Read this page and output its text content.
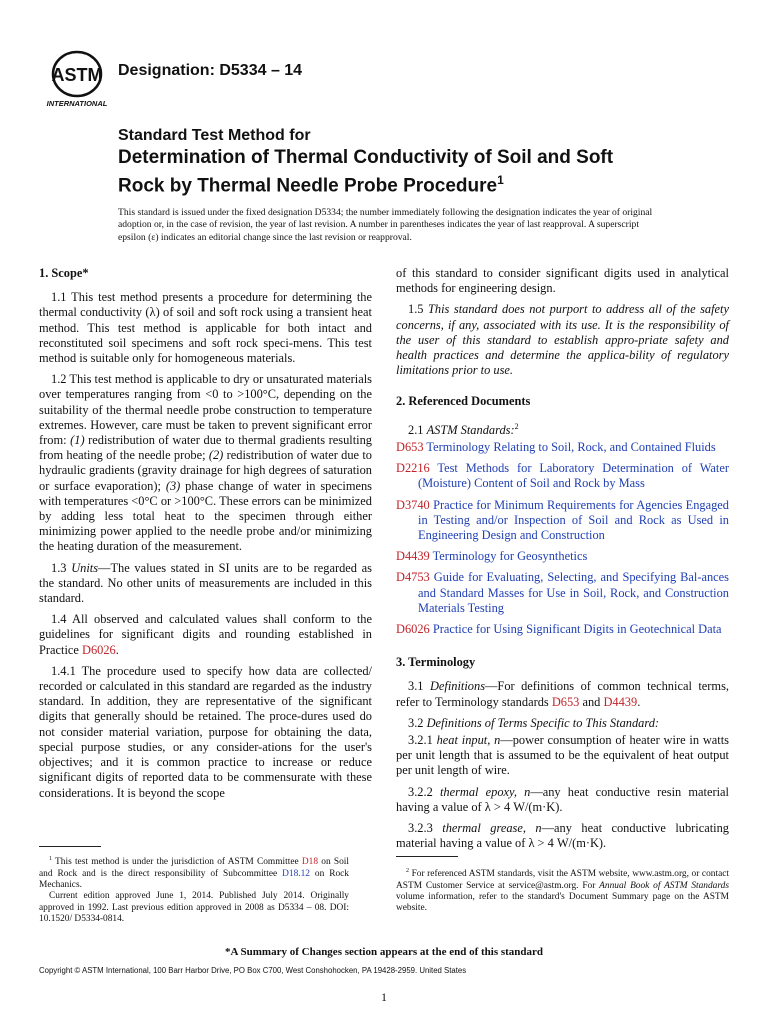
ASTM
INTERNATIONAL
Designation: D5334 – 14
Standard Test Method for
Determination of Thermal Conductivity of Soil and Soft
Rock by Thermal Needle Probe Procedure$^1$
This standard is issued under the fixed designation D5334; the number immediately following the designation indicates the year of original adoption or, in the case of revision, the year of last revision. A number in parentheses indicates the year of last reapproval. A superscript epsilon (ε) indicates an editorial change since the last revision or reapproval.
1. Scope*

1.1 This test method presents a procedure for determining the thermal conductivity (λ) of soil and soft rock using a transient heat method. This test method is applicable for both intact and reconstituted soil specimens and soft rock speci-mens. This test method is suitable only for homogeneous materials.

1.2 This test method is applicable to dry or unsaturated materials over temperatures ranging from <0 to >100°C, depending on the suitability of the thermal needle probe construction to temperature extremes. However, care must be taken to prevent significant error from: (1) redistribution of water due to thermal gradients resulting from heating of the needle probe; (2) redistribution of water due to hydraulic gradients (gravity drainage for high degrees of saturation or surface evaporation); (3) phase change of water in specimens with temperatures <0°C or >100°C. These errors can be minimized by adding less total heat to the specimen through either minimizing power applied to the needle probe and/or minimizing the heating duration of the measurement.

1.3 Units—The values stated in SI units are to be regarded as the standard. No other units of measurements are included in this standard.

1.4 All observed and calculated values shall conform to the guidelines for significant digits and rounding established in Practice D6026.

1.4.1 The procedure used to specify how data are collected/ recorded or calculated in this standard are regarded as the industry standard. In addition, they are representative of the significant digits that generally should be retained. The proce-dures used do not consider material variation, purpose for obtaining the data, special purpose studies, or any consider-ations for the user's objectives; and it is common practice to increase or reduce significant digits of reported data to be commensurate with these considerations. It is beyond the scope

of this standard to consider significant digits used in analytical methods for engineering design.

1.5 This standard does not purport to address all of the safety concerns, if any, associated with its use. It is the responsibility of the user of this standard to establish appro-priate safety and health practices and determine the applica-bility of regulatory limitations prior to use.

2. Referenced Documents

2.1 ASTM Standards:$^2$

D653 Terminology Relating to Soil, Rock, and Contained Fluids

D2216 Test Methods for Laboratory Determination of Water (Moisture) Content of Soil and Rock by Mass

D3740 Practice for Minimum Requirements for Agencies Engaged in Testing and/or Inspection of Soil and Rock as Used in Engineering Design and Construction

D4439 Terminology for Geosynthetics

D4753 Guide for Evaluating, Selecting, and Specifying Bal-ances and Standard Masses for Use in Soil, Rock, and Construction Materials Testing

D6026 Practice for Using Significant Digits in Geotechnical Data

3. Terminology

3.1 Definitions—For definitions of common technical terms, refer to Terminology standards D653 and D4439.

3.2 Definitions of Terms Specific to This Standard:

3.2.1 heat input, n—power consumption of heater wire in watts per unit length that is assumed to be the equivalent of heat output per unit length of wire.

3.2.2 thermal epoxy, n—any heat conductive resin material having a value of λ > 4 W/(m·K).

3.2.3 thermal grease, n—any heat conductive lubricating material having a value of λ > 4 W/(m·K).

$^1$ This test method is under the jurisdiction of ASTM Committee D18 on Soil and Rock and is the direct responsibility of Subcommittee D18.12 on Rock Mechanics.

Current edition approved June 1, 2014. Published July 2014. Originally approved in 1992. Last previous edition approved in 2008 as D5334 – 08. DOI: 10.1520/ D5334-0814.

$^2$ For referenced ASTM standards, visit the ASTM website, www.astm.org, or contact ASTM Customer Service at service@astm.org. For Annual Book of ASTM Standards volume information, refer to the standard's Document Summary page on the ASTM website.

*A Summary of Changes section appears at the end of this standard
Copyright © ASTM International, 100 Barr Harbor Drive, PO Box C700, West Conshohocken, PA 19428-2959. United States
1
